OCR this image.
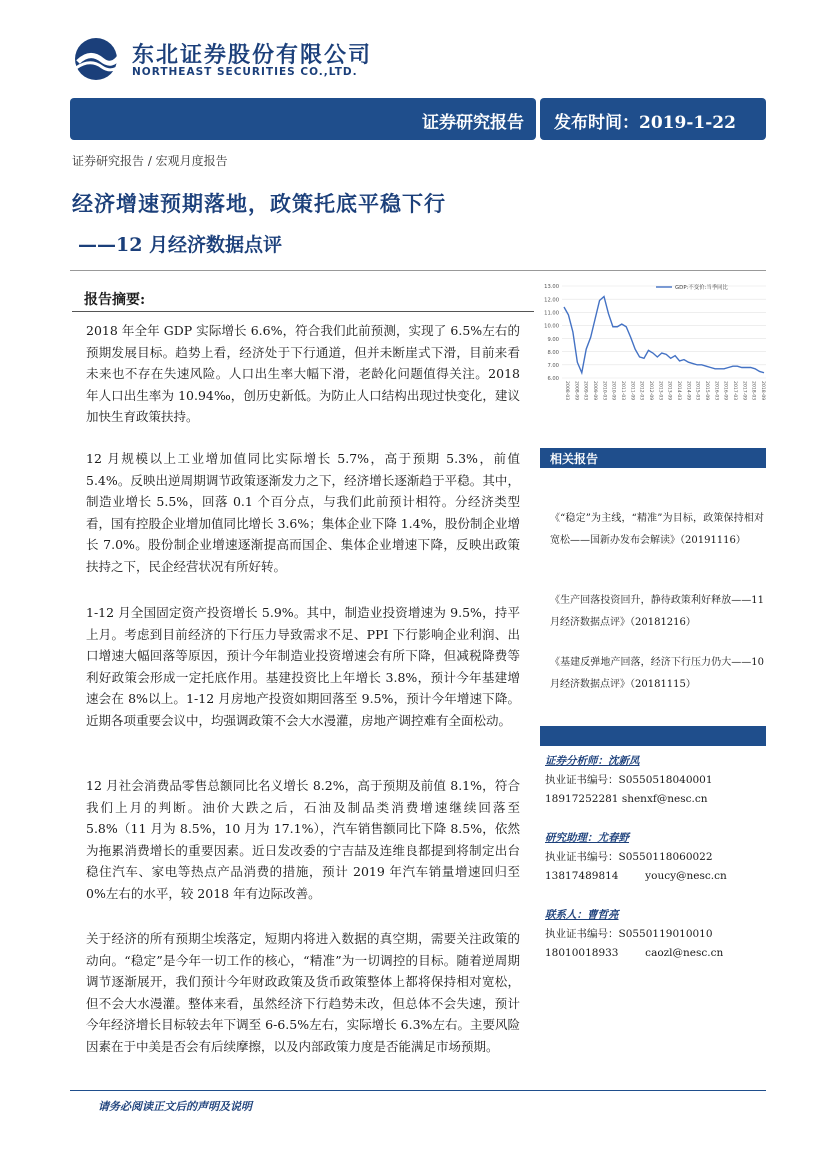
东北证券股份有限公司
NORTHEAST SECURITIES CO.,LTD.
证券研究报告 发布时间：2019-1-22
证券研究报告 / 宏观月度报告
经济增速预期落地，政策托底平稳下行
——12 月经济数据点评
报告摘要:

2018 年全年 GDP 实际增长 6.6%，符合我们此前预测，实现了 6.5%左右的预期发展目标。趋势上看，经济处于下行通道，但并未断崖式下滑，目前来看未来也不存在失速风险。人口出生率大幅下滑，老龄化问题值得关注。2018 年人口出生率为 10.94‰，创历史新低。为防止人口结构出现过快变化，建议加快生育政策扶持。

12 月规模以上工业增加值同比实际增长 5.7%，高于预期 5.3%，前值 5.4%。反映出逆周期调节政策逐渐发力之下，经济增长逐渐趋于平稳。其中，制造业增长 5.5%，回落 0.1 个百分点，与我们此前预计相符。分经济类型看，国有控股企业增加值同比增长 3.6%；集体企业下降 1.4%，股份制企业增长 7.0%。股份制企业增速逐渐提高而国企、集体企业增速下降，反映出政策扶持之下，民企经营状况有所好转。

1-12 月全国固定资产投资增长 5.9%。其中，制造业投资增速为 9.5%，持平上月。考虑到目前经济的下行压力导致需求不足、PPI 下行影响企业利润、出口增速大幅回落等原因，预计今年制造业投资增速会有所下降，但减税降费等利好政策会形成一定托底作用。基建投资比上年增长 3.8%，预计今年基建增速会在 8%以上。1-12 月房地产投资如期回落至 9.5%，预计今年增速下降。近期各项重要会议中，均强调政策不会大水漫灌，房地产调控难有全面松动。

12 月社会消费品零售总额同比名义增长 8.2%，高于预期及前值 8.1%，符合我们上月的判断。油价大跌之后，石油及制品类消费增速继续回落至 5.8%（11 月为 8.5%，10 月为 17.1%），汽车销售额同比下降 8.5%，依然为拖累消费增长的重要因素。近日发改委的宁吉喆及连维良都提到将制定出台稳住汽车、家电等热点产品消费的措施，预计 2019 年汽车销量增速回归至 0%左右的水平，较 2018 年有边际改善。

关于经济的所有预期尘埃落定，短期内将进入数据的真空期，需要关注政策的动向。“稳定”是今年一切工作的核心，“精准”为一切调控的目标。随着逆周期调节逐渐展开，我们预计今年财政政策及货币政策整体上都将保持相对宽松，但不会大水漫灌。整体来看，虽然经济下行趋势未改，但总体不会失速，预计今年经济增长目标较去年下调至 6-6.5%左右，实际增长 6.3%左右。主要风险因素在于中美是否会有后续摩擦，以及内部政策力度是否能满足市场预期。

13.00
12.00
11.00
10.00
9.00
8.00
7.00
6.00
2008-03 2008-09 2009-03 2009-09 2010-03 2010-09 2011-03 2011-09 2012-03 2012-09 2013-03 2013-09 2014-03 2014-09 2015-03 2015-09 2016-03 2016-09 2017-03 2017-09 2018-03 2018-09
GDP:不变价:当季同比
相关报告
《“稳定”为主线，“精准”为目标，政策保持相对宽松——国新办发布会解读》（20191116）
《生产回落投资回升，静待政策利好释放——11 月经济数据点评》（20181216）
《基建反弹地产回落，经济下行压力仍大——10 月经济数据点评》（20181115）
证券分析师：沈新凤
执业证书编号：S0550518040001
18917252281 shenxf@nesc.cn
研究助理：尤春野
执业证书编号：S0550118060022
13817489814        youcy@nesc.cn
联系人：曹哲亮
执业证书编号：S0550119010010
18010018933        caozl@nesc.cn
请务必阅读正文后的声明及说明
